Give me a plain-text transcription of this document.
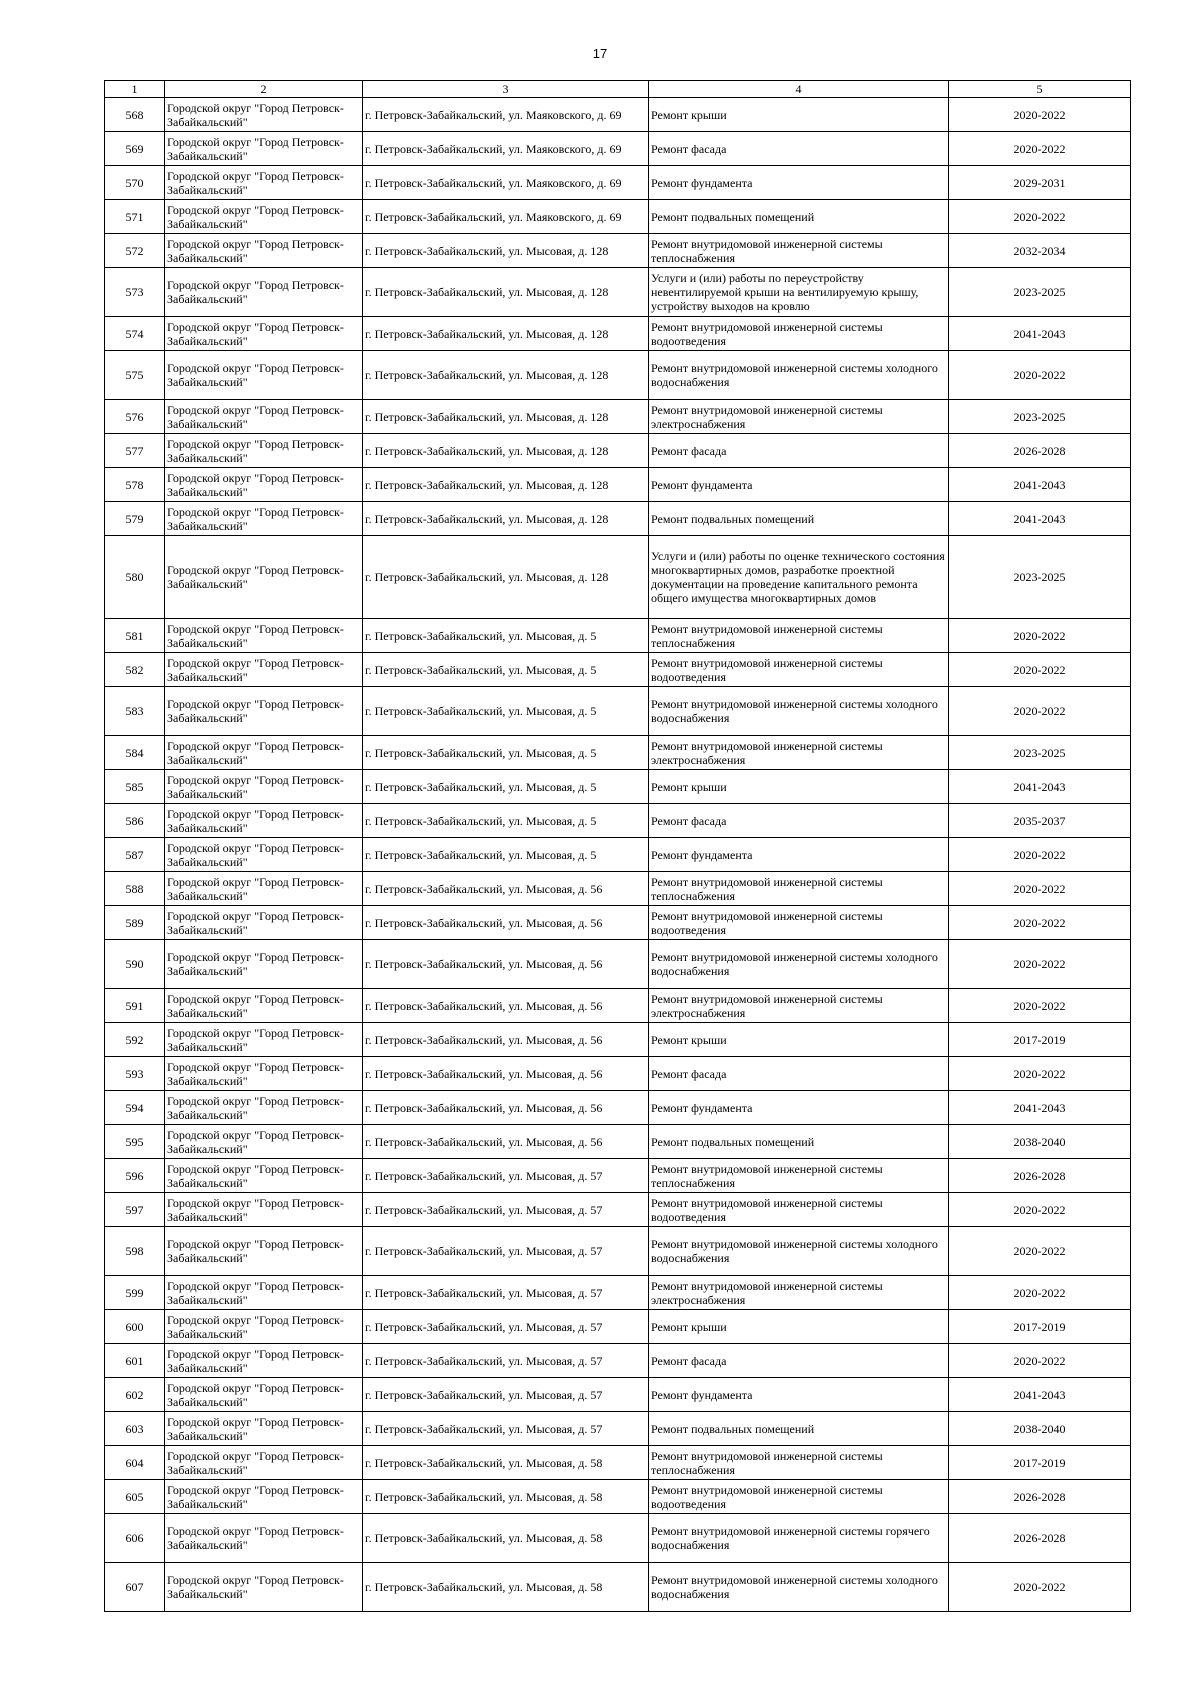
17
1	2	3	4	5
568	Городской округ "Город Петровск-Забайкальский"	г. Петровск-Забайкальский, ул. Маяковского, д. 69	Ремонт крыши	2020-2022
569	Городской округ "Город Петровск-Забайкальский"	г. Петровск-Забайкальский, ул. Маяковского, д. 69	Ремонт фасада	2020-2022
570	Городской округ "Город Петровск-Забайкальский"	г. Петровск-Забайкальский, ул. Маяковского, д. 69	Ремонт фундамента	2029-2031
571	Городской округ "Город Петровск-Забайкальский"	г. Петровск-Забайкальский, ул. Маяковского, д. 69	Ремонт подвальных помещений	2020-2022
572	Городской округ "Город Петровск-Забайкальский"	г. Петровск-Забайкальский, ул. Мысовая, д. 128	Ремонт внутридомовой инженерной системы теплоснабжения	2032-2034
573	Городской округ "Город Петровск-Забайкальский"	г. Петровск-Забайкальский, ул. Мысовая, д. 128	Услуги и (или) работы по переустройству невентилируемой крыши на вентилируемую крышу, устройству выходов на кровлю	2023-2025
574	Городской округ "Город Петровск-Забайкальский"	г. Петровск-Забайкальский, ул. Мысовая, д. 128	Ремонт внутридомовой инженерной системы водоотведения	2041-2043
575	Городской округ "Город Петровск-Забайкальский"	г. Петровск-Забайкальский, ул. Мысовая, д. 128	Ремонт внутридомовой инженерной системы холодного водоснабжения	2020-2022
576	Городской округ "Город Петровск-Забайкальский"	г. Петровск-Забайкальский, ул. Мысовая, д. 128	Ремонт внутридомовой инженерной системы электроснабжения	2023-2025
577	Городской округ "Город Петровск-Забайкальский"	г. Петровск-Забайкальский, ул. Мысовая, д. 128	Ремонт фасада	2026-2028
578	Городской округ "Город Петровск-Забайкальский"	г. Петровск-Забайкальский, ул. Мысовая, д. 128	Ремонт фундамента	2041-2043
579	Городской округ "Город Петровск-Забайкальский"	г. Петровск-Забайкальский, ул. Мысовая, д. 128	Ремонт подвальных помещений	2041-2043
580	Городской округ "Город Петровск-Забайкальский"	г. Петровск-Забайкальский, ул. Мысовая, д. 128	Услуги и (или) работы по оценке технического состояния многоквартирных домов, разработке проектной документации на проведение капитального ремонта общего имущества многоквартирных домов	2023-2025
581	Городской округ "Город Петровск-Забайкальский"	г. Петровск-Забайкальский, ул. Мысовая, д. 5	Ремонт внутридомовой инженерной системы теплоснабжения	2020-2022
582	Городской округ "Город Петровск-Забайкальский"	г. Петровск-Забайкальский, ул. Мысовая, д. 5	Ремонт внутридомовой инженерной системы водоотведения	2020-2022
583	Городской округ "Город Петровск-Забайкальский"	г. Петровск-Забайкальский, ул. Мысовая, д. 5	Ремонт внутридомовой инженерной системы холодного водоснабжения	2020-2022
584	Городской округ "Город Петровск-Забайкальский"	г. Петровск-Забайкальский, ул. Мысовая, д. 5	Ремонт внутридомовой инженерной системы электроснабжения	2023-2025
585	Городской округ "Город Петровск-Забайкальский"	г. Петровск-Забайкальский, ул. Мысовая, д. 5	Ремонт крыши	2041-2043
586	Городской округ "Город Петровск-Забайкальский"	г. Петровск-Забайкальский, ул. Мысовая, д. 5	Ремонт фасада	2035-2037
587	Городской округ "Город Петровск-Забайкальский"	г. Петровск-Забайкальский, ул. Мысовая, д. 5	Ремонт фундамента	2020-2022
588	Городской округ "Город Петровск-Забайкальский"	г. Петровск-Забайкальский, ул. Мысовая, д. 56	Ремонт внутридомовой инженерной системы теплоснабжения	2020-2022
589	Городской округ "Город Петровск-Забайкальский"	г. Петровск-Забайкальский, ул. Мысовая, д. 56	Ремонт внутридомовой инженерной системы водоотведения	2020-2022
590	Городской округ "Город Петровск-Забайкальский"	г. Петровск-Забайкальский, ул. Мысовая, д. 56	Ремонт внутридомовой инженерной системы холодного водоснабжения	2020-2022
591	Городской округ "Город Петровск-Забайкальский"	г. Петровск-Забайкальский, ул. Мысовая, д. 56	Ремонт внутридомовой инженерной системы электроснабжения	2020-2022
592	Городской округ "Город Петровск-Забайкальский"	г. Петровск-Забайкальский, ул. Мысовая, д. 56	Ремонт крыши	2017-2019
593	Городской округ "Город Петровск-Забайкальский"	г. Петровск-Забайкальский, ул. Мысовая, д. 56	Ремонт фасада	2020-2022
594	Городской округ "Город Петровск-Забайкальский"	г. Петровск-Забайкальский, ул. Мысовая, д. 56	Ремонт фундамента	2041-2043
595	Городской округ "Город Петровск-Забайкальский"	г. Петровск-Забайкальский, ул. Мысовая, д. 56	Ремонт подвальных помещений	2038-2040
596	Городской округ "Город Петровск-Забайкальский"	г. Петровск-Забайкальский, ул. Мысовая, д. 57	Ремонт внутридомовой инженерной системы теплоснабжения	2026-2028
597	Городской округ "Город Петровск-Забайкальский"	г. Петровск-Забайкальский, ул. Мысовая, д. 57	Ремонт внутридомовой инженерной системы водоотведения	2020-2022
598	Городской округ "Город Петровск-Забайкальский"	г. Петровск-Забайкальский, ул. Мысовая, д. 57	Ремонт внутридомовой инженерной системы холодного водоснабжения	2020-2022
599	Городской округ "Город Петровск-Забайкальский"	г. Петровск-Забайкальский, ул. Мысовая, д. 57	Ремонт внутридомовой инженерной системы электроснабжения	2020-2022
600	Городской округ "Город Петровск-Забайкальский"	г. Петровск-Забайкальский, ул. Мысовая, д. 57	Ремонт крыши	2017-2019
601	Городской округ "Город Петровск-Забайкальский"	г. Петровск-Забайкальский, ул. Мысовая, д. 57	Ремонт фасада	2020-2022
602	Городской округ "Город Петровск-Забайкальский"	г. Петровск-Забайкальский, ул. Мысовая, д. 57	Ремонт фундамента	2041-2043
603	Городской округ "Город Петровск-Забайкальский"	г. Петровск-Забайкальский, ул. Мысовая, д. 57	Ремонт подвальных помещений	2038-2040
604	Городской округ "Город Петровск-Забайкальский"	г. Петровск-Забайкальский, ул. Мысовая, д. 58	Ремонт внутридомовой инженерной системы теплоснабжения	2017-2019
605	Городской округ "Город Петровск-Забайкальский"	г. Петровск-Забайкальский, ул. Мысовая, д. 58	Ремонт внутридомовой инженерной системы водоотведения	2026-2028
606	Городской округ "Город Петровск-Забайкальский"	г. Петровск-Забайкальский, ул. Мысовая, д. 58	Ремонт внутридомовой инженерной системы горячего водоснабжения	2026-2028
607	Городской округ "Город Петровск-Забайкальский"	г. Петровск-Забайкальский, ул. Мысовая, д. 58	Ремонт внутридомовой инженерной системы холодного водоснабжения	2020-2022
